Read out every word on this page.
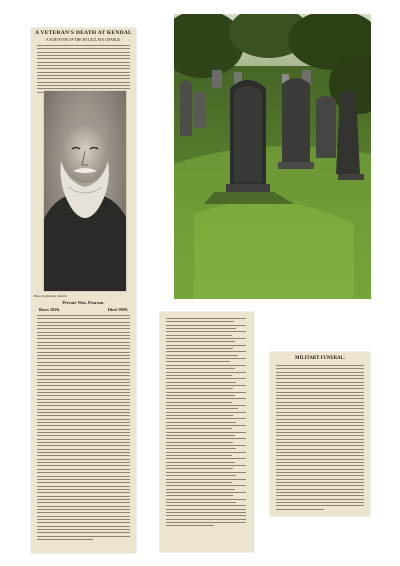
A VETERAN'S DEATH AT KENDAL
A SURVIVOR OF THE BALACLAVA CHARGE.
Photo by Richards, Penrith
Private Wm. Pearson.
Born 1826.	Died 1909.
MILITARY FUNERAL.
